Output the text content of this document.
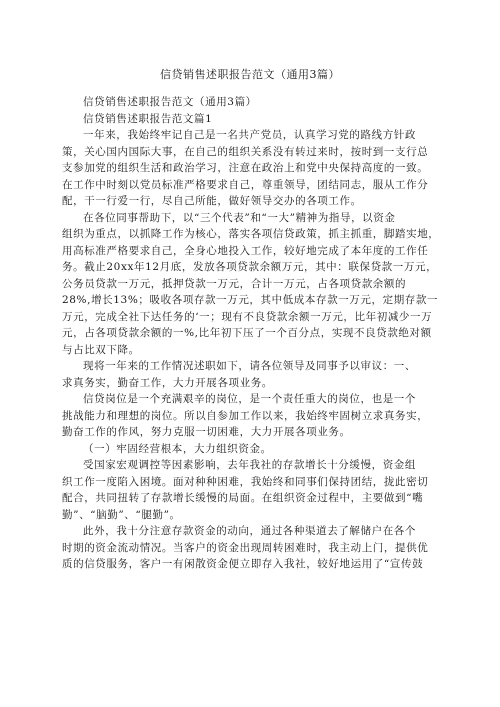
信贷销售述职报告范文（通用3篇）
信贷销售述职报告范文（通用3篇）
信贷销售述职报告范文篇1
一年来，我始终牢记自己是一名共产党员，认真学习党的路线方针政
策，关心国内国际大事，在自己的组织关系没有转过来时，按时到一支行总
支参加党的组织生活和政治学习，注意在政治上和党中央保持高度的一致。
在工作中时刻以党员标准严格要求自己，尊重领导，团结同志，服从工作分
配，干一行爱一行，尽自己所能，做好领导交办的各项工作。
在各位同事帮助下，以“三个代表”和“一大”精神为指导，以资金
组织为重点，以抓降工作为核心，落实各项信贷政策，抓主抓重，脚踏实地，
用高标准严格要求自己，全身心地投入工作，较好地完成了本年度的工作任
务。截止20xx年12月底，发放各项贷款余额万元，其中：联保贷款一万元，
公务员贷款一万元，抵押贷款一万元，合计一万元，占各项贷款余额的
28%,增长13%；吸收各项存款一万元，其中低成本存款一万元，定期存款一
万元，完成全社下达任务的‘一；现有不良贷款余额一万元，比年初减少一万
元，占各项贷款余额的一%,比年初下压了一个百分点，实现不良贷款绝对额
与占比双下降。
现将一年来的工作情况述职如下，请各位领导及同事予以审议：一、
求真务实，勤奋工作，大力开展各项业务。
信贷岗位是一个充满艰辛的岗位，是一个责任重大的岗位，也是一个
挑战能力和理想的岗位。所以自参加工作以来，我始终牢固树立求真务实，
勤奋工作的作风，努力克服一切困难，大力开展各项业务。
（一）牢固经营根本，大力组织资金。
受国家宏观调控等因素影响，去年我社的存款增长十分缓慢，资金组
织工作一度陷入困境。面对种种困难，我始终和同事们保持团结，拢此密切
配合，共同扭转了存款增长缓慢的局面。在组织资金过程中，主要做到“嘴
勤”、“脑勤”、“腿勤”。
此外，我十分注意存款资金的动向，通过各种渠道去了解储户在各个
时期的资金流动情况。当客户的资金出现周转困难时，我主动上门，提供优
质的信贷服务，客户一有闲散资金便立即存入我社，较好地运用了“宣传鼓
